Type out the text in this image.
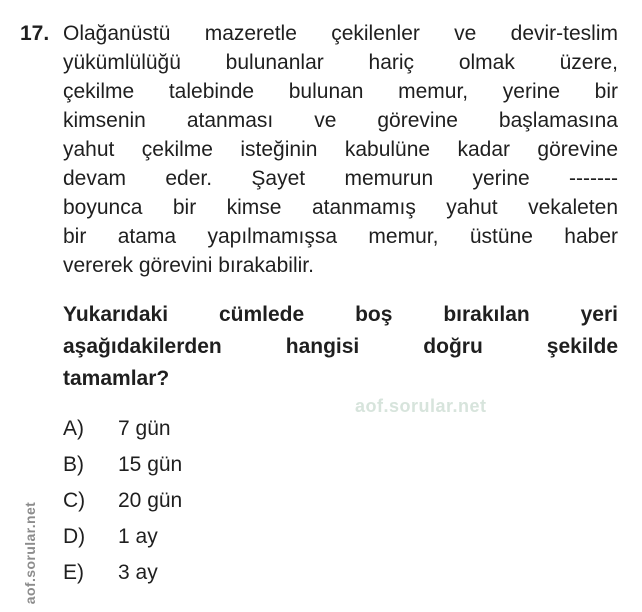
17. Olağanüstü mazeretle çekilenler ve devir-teslim
yükümlülüğü bulunanlar hariç olmak üzere,
çekilme talebinde bulunan memur, yerine bir
kimsenin atanması ve görevine başlamasına
yahut çekilme isteğinin kabulüne kadar görevine
devam eder. Şayet memurun yerine -------
boyunca bir kimse atanmamış yahut vekaleten
bir atama yapılmamışsa memur, üstüne haber
vererek görevini bırakabilir.
Yukarıdaki cümlede boş bırakılan yeri
aşağıdakilerden hangisi doğru şekilde
tamamlar?
aof.sorular.net
A)	7 gün
B)	15 gün
C)	20 gün
D)	1 ay
E)	3 ay
aof.sorular.net
